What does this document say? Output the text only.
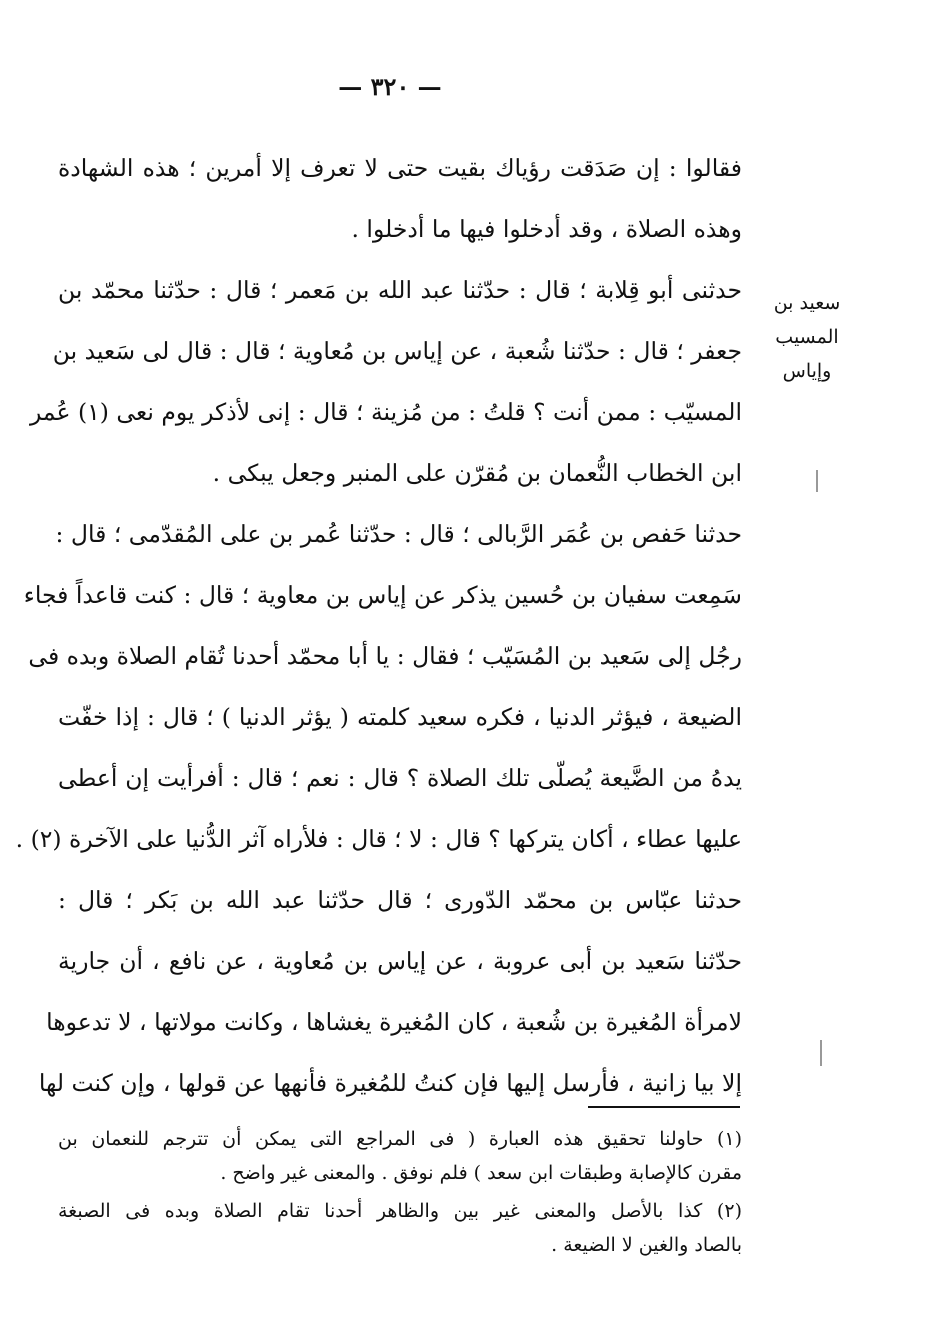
— ٣٢٠ —
سعيد بن المسيب
وإياس
فقالوا : إن صَدَقت رؤياك بقيت حتى لا تعرف إلا أمرين ؛ هذه الشهادة
وهذه الصلاة ، وقد أدخلوا فيها ما أدخلوا .
حدثنى أبو قِلابة ؛ قال : حدّثنا عبد الله بن مَعمر ؛ قال : حدّثنا محمّد بن
جعفر ؛ قال : حدّثنا شُعبة ، عن إياس بن مُعاوية ؛ قال : قال لى سَعيد بن
المسيّب : ممن أنت ؟ قلتُ : من مُزينة ؛ قال : إنى لأذكر يوم نعى (١) عُمر
ابن الخطاب النُّعمان بن مُقرّن على المنبر وجعل يبكى .
حدثنا حَفص بن عُمَر الرَّبالى ؛ قال : حدّثنا عُمر بن على المُقدّمى ؛ قال :
سَمِعت سفيان بن حُسين يذكر عن إياس بن معاوية ؛ قال : كنت قاعداً فجاء
رجُل إلى سَعيد بن المُسَيّب ؛ فقال : يا أبا محمّد أحدنا تُقام الصلاة وبده فى
الضيعة ، فيؤثر الدنيا ، فكره سعيد كلمته ( يؤثر الدنيا ) ؛ قال : إذا خفّت
يدهُ من الضَّيعة يُصلّى تلك الصلاة ؟ قال : نعم ؛ قال : أفرأيت إن أعطى
عليها عطاء ، أكان يتركها ؟ قال : لا ؛ قال : فلأراه آثر الدُّنيا على الآخرة (٢) .
حدثنا عبّاس بن محمّد الدّورى ؛ قال حدّثنا عبد الله بن بَكر ؛ قال :
حدّثنا سَعيد بن أبى عروبة ، عن إياس بن مُعاوية ، عن نافع ، أن جارية
لامرأة المُغيرة بن شُعبة ، كان المُغيرة يغشاها ، وكانت مولاتها ، لا تدعوها
إلا بيا زانية ، فأرسل إليها فإن كنتُ للمُغيرة فأنهها عن قولها ، وإن كنت لها
(١) حاولنا تحقيق هذه العبارة ( فى المراجع التى يمكن أن تترجم للنعمان بن
مقرن كالإصابة وطبقات ابن سعد ) فلم نوفق . والمعنى غير واضح .
(٢) كذا بالأصل والمعنى غير بين والظاهر أحدنا تقام الصلاة وبده فى الصبغة
بالصاد والغين لا الضيعة .
